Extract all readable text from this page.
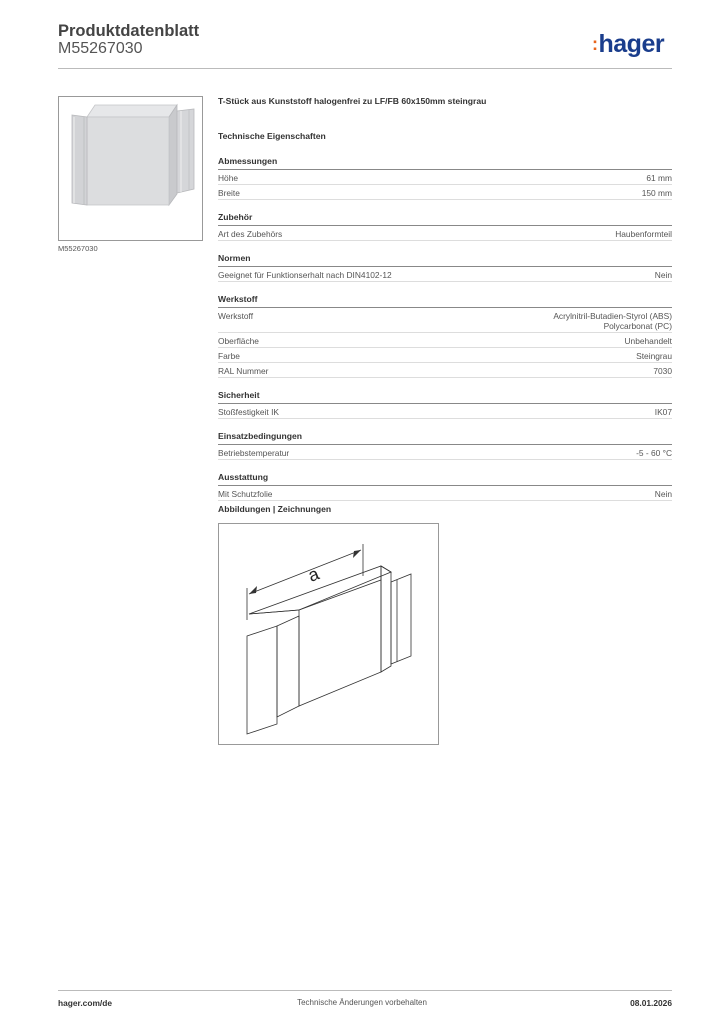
Produktdatenblatt
M55267030	:hager
M55267030
T-Stück aus Kunststoff halogenfrei zu LF/FB 60x150mm steingrau
Technische Eigenschaften
Abmessungen
Höhe	61 mm
Breite	150 mm
Zubehör
Art des Zubehörs	Haubenformteil
Normen
Geeignet für Funktionserhalt nach DIN4102-12	Nein
Werkstoff
Werkstoff	Acrylnitril-Butadien-Styrol (ABS)
Polycarbonat (PC)
Oberfläche	Unbehandelt
Farbe	Steingrau
RAL Nummer	7030
Sicherheit
Stoßfestigkeit IK	IK07
Einsatzbedingungen
Betriebstemperatur	-5 - 60 °C
Ausstattung
Mit Schutzfolie	Nein
Abbildungen | Zeichnungen
a
hager.com/de	Technische Änderungen vorbehalten	08.01.2026
